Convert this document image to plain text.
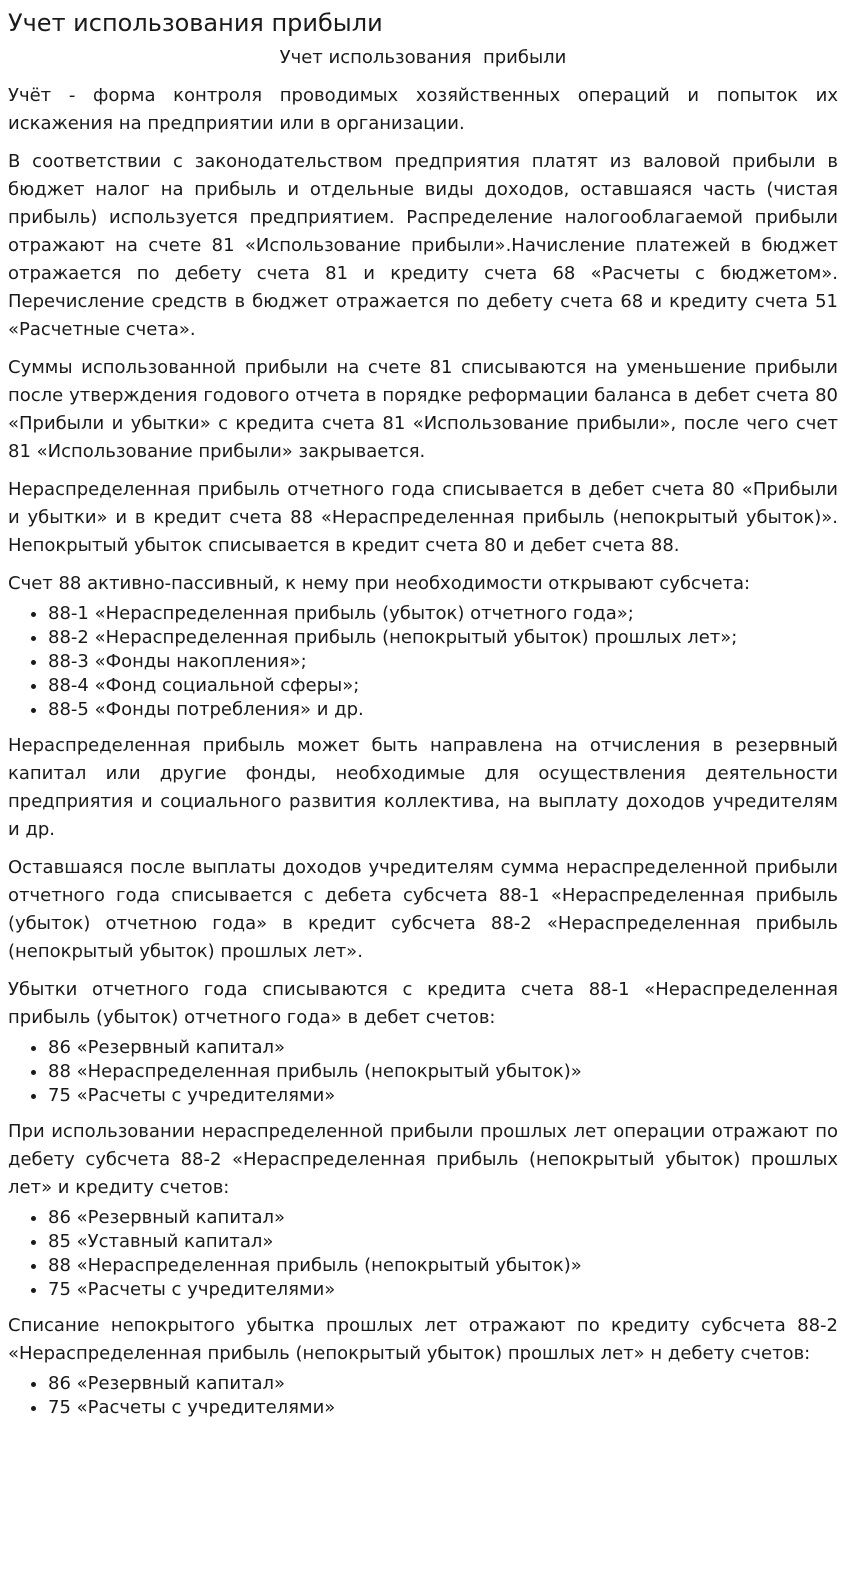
Учет использования прибыли
Учет использования  прибыли

Учёт - форма контроля проводимых хозяйственных операций и попыток их искажения на предприятии или в организации.

В соответствии с законодательством предприятия платят из валовой прибыли в бюджет налог на прибыль и отдельные виды доходов, оставшаяся часть (чистая прибыль) используется предприятием. Распределение налогооблагаемой прибыли отражают на счете 81 «Использование прибыли».Начисление платежей в бюджет отражается по дебету счета 81 и кредиту счета 68 «Расчеты с бюджетом». Перечисление средств в бюджет отражается по дебету счета 68 и кредиту счета 51 «Расчетные счета».

Суммы использованной прибыли на счете 81 списываются на уменьшение прибыли после утверждения годового отчета в порядке реформации баланса в дебет счета 80 «Прибыли и убытки» с кредита счета 81 «Использование прибыли», после чего счет 81 «Использование прибыли» закрывается.

Нераспределенная прибыль отчетного года списывается в дебет счета 80 «Прибыли и убытки» и в кредит счета 88 «Нераспределенная прибыль (непокрытый убыток)». Непокрытый убыток списывается в кредит счета 80 и дебет счета 88.

Счет 88 активно-пассивный, к нему при необходимости открывают субсчета:

• 88-1 «Нераспределенная прибыль (убыток) отчетного года»;
• 88-2 «Нераспределенная прибыль (непокрытый убыток) прошлых лет»;
• 88-3 «Фонды накопления»;
• 88-4 «Фонд социальной сферы»;
• 88-5 «Фонды потребления» и др.

Нераспределенная прибыль может быть направлена на отчисления в резервный капитал или другие фонды, необходимые для осуществления деятельности предприятия и социального развития коллектива, на выплату доходов учредителям и др.

Оставшаяся после выплаты доходов учредителям сумма нераспределенной прибыли отчетного года списывается с дебета субсчета 88-1 «Нераспределенная прибыль (убыток) отчетною года» в кредит субсчета 88-2 «Нераспределенная прибыль (непокрытый убыток) прошлых лет».

Убытки отчетного года списываются с кредита счета 88-1 «Нераспределенная прибыль (убыток) отчетного года» в дебет счетов:

• 86 «Резервный капитал»
• 88 «Нераспределенная прибыль (непокрытый убыток)»
• 75 «Расчеты с учредителями»

При использовании нераспределенной прибыли прошлых лет операции отражают по дебету субсчета 88-2 «Нераспределенная прибыль (непокрытый убыток) прошлых лет» и кредиту счетов:

• 86 «Резервный капитал»
• 85 «Уставный капитал»
• 88 «Нераспределенная прибыль (непокрытый убыток)»
• 75 «Расчеты с учредителями»

Списание непокрытого убытка прошлых лет отражают по кредиту субсчета 88-2 «Нераспределенная прибыль (непокрытый убыток) прошлых лет» н дебету счетов:

• 86 «Резервный капитал»
• 75 «Расчеты с учредителями»
